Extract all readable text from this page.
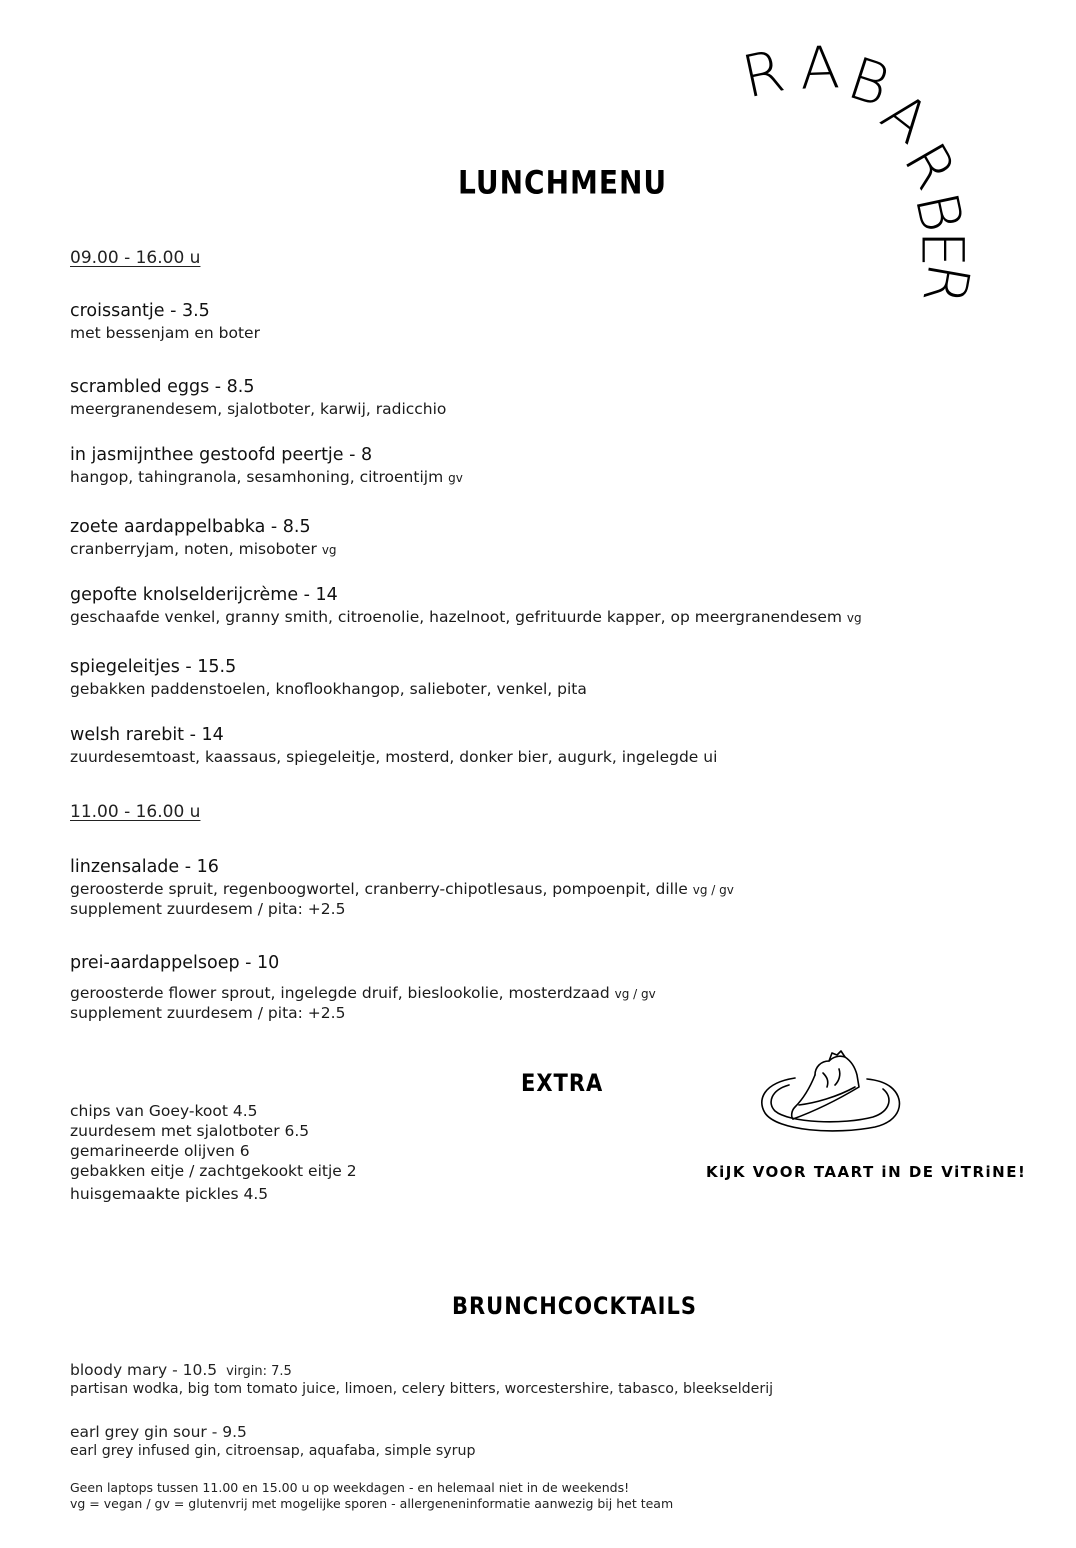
R A B
A
R
B
E
R
LUNCHMENU
09.00 - 16.00 u
croissantje - 3.5
met bessenjam en boter
scrambled eggs - 8.5
meergranendesem, sjalotboter, karwij, radicchio
in jasmijnthee gestoofd peertje - 8
hangop, tahingranola, sesamhoning, citroentijm gv
zoete aardappelbabka - 8.5
cranberryjam, noten, misoboter vg
gepofte knolselderijcrème - 14
geschaafde venkel, granny smith, citroenolie, hazelnoot, gefrituurde kapper, op meergranendesem vg
spiegeleitjes - 15.5
gebakken paddenstoelen, knoflookhangop, salieboter, venkel, pita
welsh rarebit - 14
zuurdesemtoast, kaassaus, spiegeleitje, mosterd, donker bier, augurk, ingelegde ui
11.00 - 16.00 u
linzensalade - 16
geroosterde spruit, regenboogwortel, cranberry-chipotlesaus, pompoenpit, dille vg / gv
supplement zuurdesem / pita: +2.5
prei-aardappelsoep - 10
geroosterde flower sprout, ingelegde druif, bieslookolie, mosterdzaad vg / gv
supplement zuurdesem / pita: +2.5
EXTRA
chips van Goey-koot 4.5
zuurdesem met sjalotboter 6.5
gemarineerde olijven 6
gebakken eitje / zachtgekookt eitje 2
huisgemaakte pickles 4.5
KiJK VOOR TAART iN DE ViTRiNE!
BRUNCHCOCKTAILS
bloody mary - 10.5 virgin: 7.5
partisan wodka, big tom tomato juice, limoen, celery bitters, worcestershire, tabasco, bleekselderij
earl grey gin sour - 9.5
earl grey infused gin, citroensap, aquafaba, simple syrup
Geen laptops tussen 11.00 en 15.00 u op weekdagen - en helemaal niet in de weekends!
vg = vegan / gv = glutenvrij met mogelijke sporen - allergeneninformatie aanwezig bij het team
